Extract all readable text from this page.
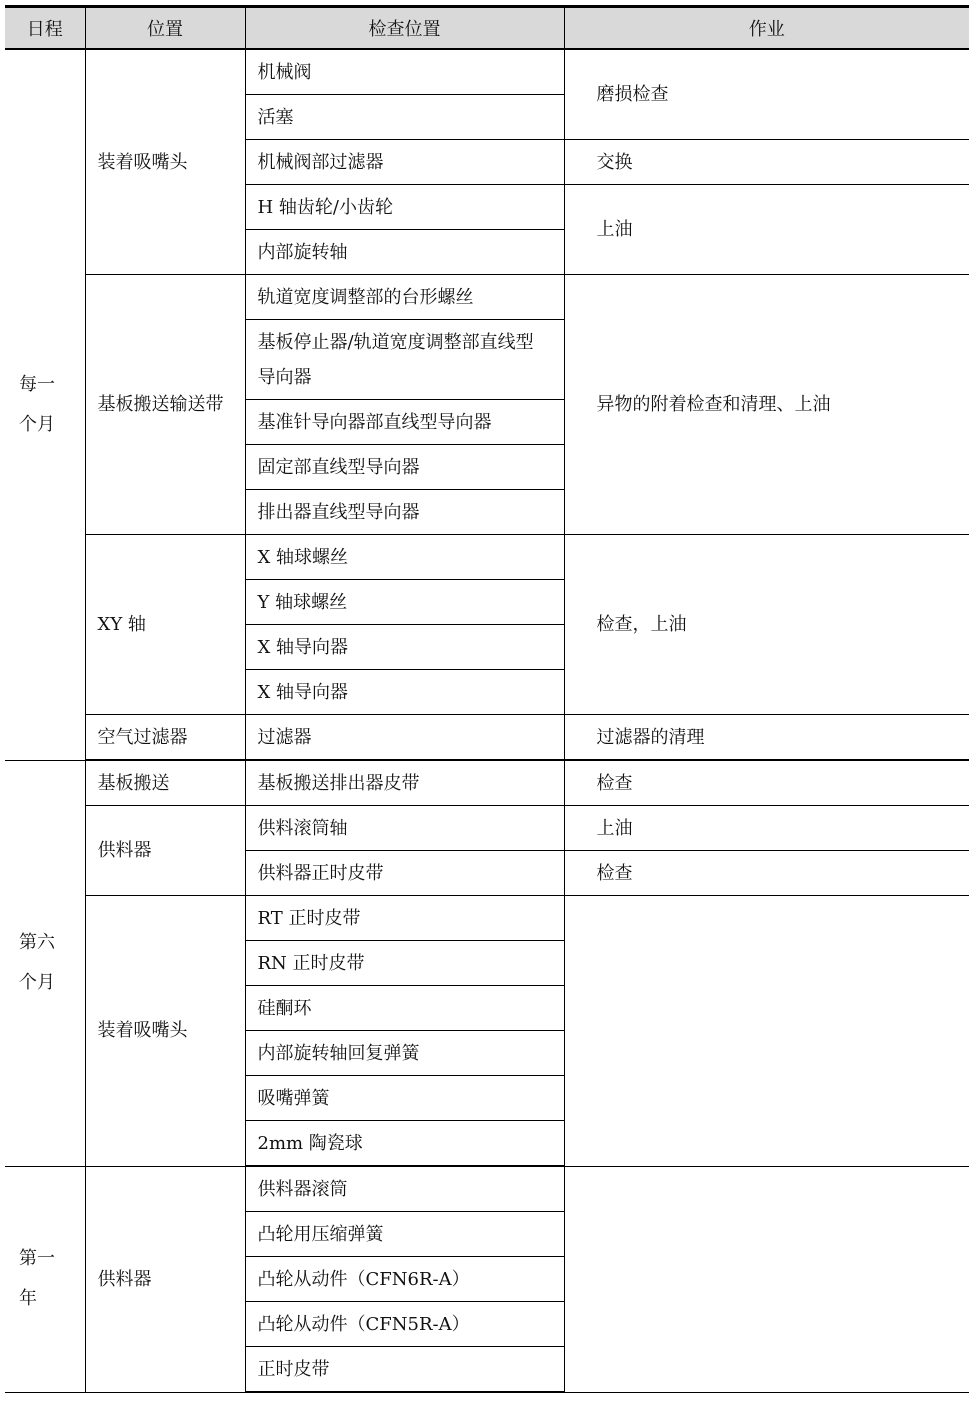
日程	位置	检查位置	作业
每一
个月	装着吸嘴头	机械阀	磨损检查
		活塞	
		机械阀部过滤器	交换
		H 轴齿轮/小齿轮	上油
		内部旋转轴	
	基板搬送输送带	轨道宽度调整部的台形螺丝	异物的附着检查和清理、上油
		基板停止器/轨道宽度调整部直线型导向器	
		基准针导向器部直线型导向器	
		固定部直线型导向器	
		排出器直线型导向器	
	XY 轴	X 轴球螺丝	检查，上油
		Y 轴球螺丝	
		X 轴导向器	
		X 轴导向器	
	空气过滤器	过滤器	过滤器的清理
第六
个月	基板搬送	基板搬送排出器皮带	检查
	供料器	供料滚筒轴	上油
		供料器正时皮带	检查
	装着吸嘴头	RT 正时皮带	
		RN 正时皮带	
		硅酮环	
		内部旋转轴回复弹簧	
		吸嘴弹簧	
		2mm 陶瓷球	
第一年	供料器	供料器滚筒	
		凸轮用压缩弹簧	
		凸轮从动件（CFN6R-A）	
		凸轮从动件（CFN5R-A）	
		正时皮带	
